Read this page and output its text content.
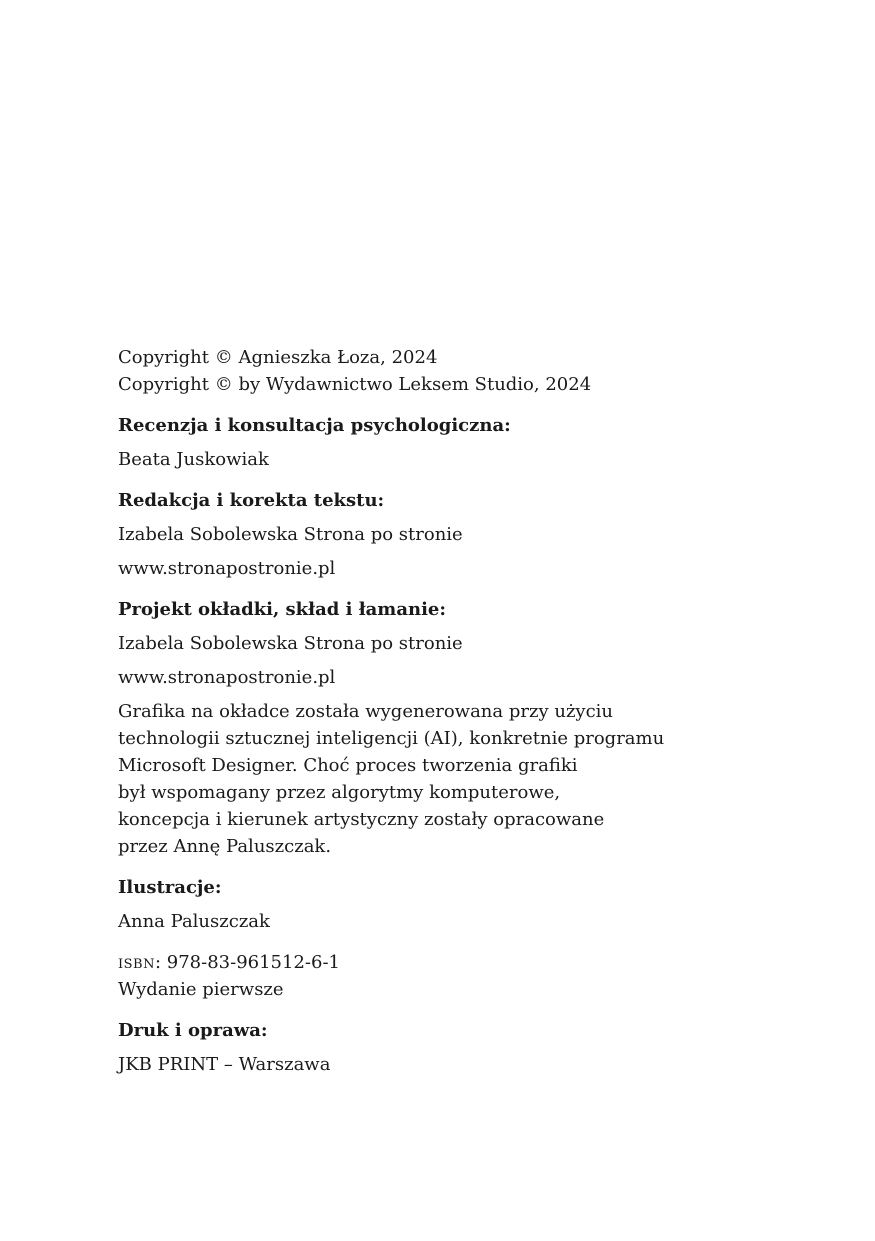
Copyright © Agnieszka Łoza, 2024
Copyright © by Wydawnictwo Leksem Studio, 2024
Recenzja i konsultacja psychologiczna:
Beata Juskowiak
Redakcja i korekta tekstu:
Izabela Sobolewska Strona po stronie
www.stronapostronie.pl
Projekt okładki, skład i łamanie:
Izabela Sobolewska Strona po stronie
www.stronapostronie.pl
Grafika na okładce została wygenerowana przy użyciu
technologii sztucznej inteligencji (AI), konkretnie programu
Microsoft Designer. Choć proces tworzenia grafiki
był wspomagany przez algorytmy komputerowe,
koncepcja i kierunek artystyczny zostały opracowane
przez Annę Paluszczak.
Ilustracje:
Anna Paluszczak
isbn: 978-83-961512-6-1
Wydanie pierwsze
Druk i oprawa:
JKB PRINT – Warszawa
